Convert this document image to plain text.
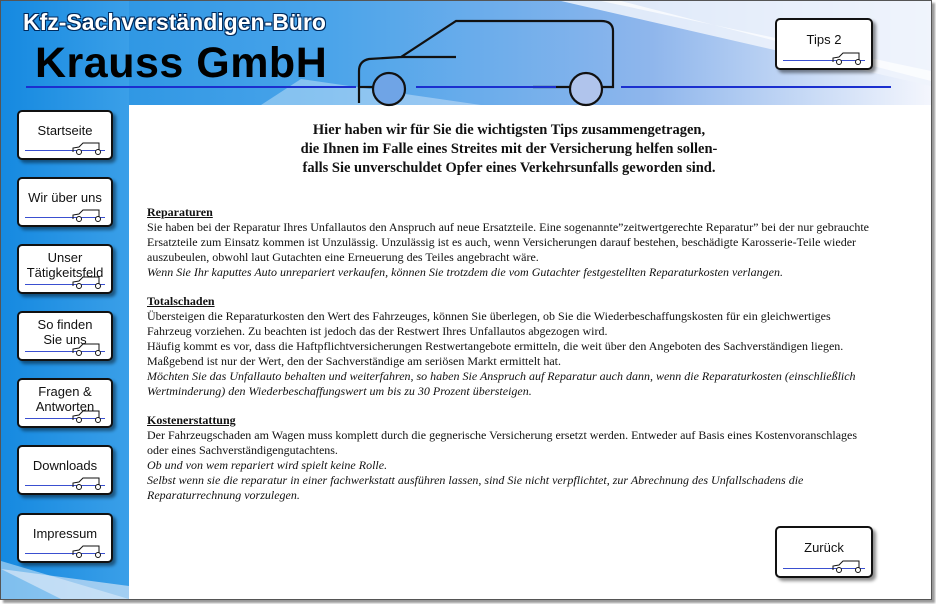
Kfz-Sachverständigen-Büro
Krauss GmbH	Tips 2
Startseite
Wir über uns
Unser
Tätigkeitsfeld
So finden
Sie uns
Fragen &
Antworten
Downloads
Impressum
Zurück
Hier haben wir für Sie die wichtigsten Tips zusammengetragen,
die Ihnen im Falle eines Streites mit der Versicherung helfen sollen-
falls Sie unverschuldet Opfer eines Verkehrsunfalls geworden sind.
Reparaturen

Sie haben bei der Reparatur Ihres Unfallautos den Anspruch auf neue Ersatzteile. Eine sogenannte”zeitwertgerechte Reparatur” bei der nur gebrauchte Ersatzteile zum Einsatz kommen ist Unzulässig. Unzulässig ist es auch, wenn Versicherungen darauf bestehen, beschädigte Karosserie-Teile wieder auszubeulen, obwohl laut Gutachten eine Erneuerung des Teiles angebracht wäre.

Wenn Sie Ihr kaputtes Auto unrepariert verkaufen, können Sie trotzdem die vom Gutachter festgestellten Reparaturkosten verlangen.

Totalschaden

Übersteigen die Reparaturkosten den Wert des Fahrzeuges, können Sie überlegen, ob Sie die Wiederbeschaffungskosten für ein gleichwertiges Fahrzeug vorziehen. Zu beachten ist jedoch das der Restwert Ihres Unfallautos abgezogen wird.

Häufig kommt es vor, dass die Haftpflichtversicherungen Restwertangebote ermitteln, die weit über den Angeboten des Sachverständigen liegen. Maßgebend ist nur der Wert, den der Sachverständige am seriösen Markt ermittelt hat.

Möchten Sie das Unfallauto behalten und weiterfahren, so haben Sie Anspruch auf Reparatur auch dann, wenn die Reparaturkosten (einschließlich Wertminderung) den Wiederbeschaffungswert um bis zu 30 Prozent übersteigen.

Kostenerstattung

Der Fahrzeugschaden am Wagen muss komplett durch die gegnerische Versicherung ersetzt werden. Entweder auf Basis eines Kostenvoranschlages oder eines Sachverständigengutachtens.

Ob und von wem repariert wird spielt keine Rolle.

Selbst wenn sie die reparatur in einer fachwerkstatt ausführen lassen, sind Sie nicht verpflichtet, zur Abrechnung des Unfallschadens die Reparaturrechnung vorzulegen.
